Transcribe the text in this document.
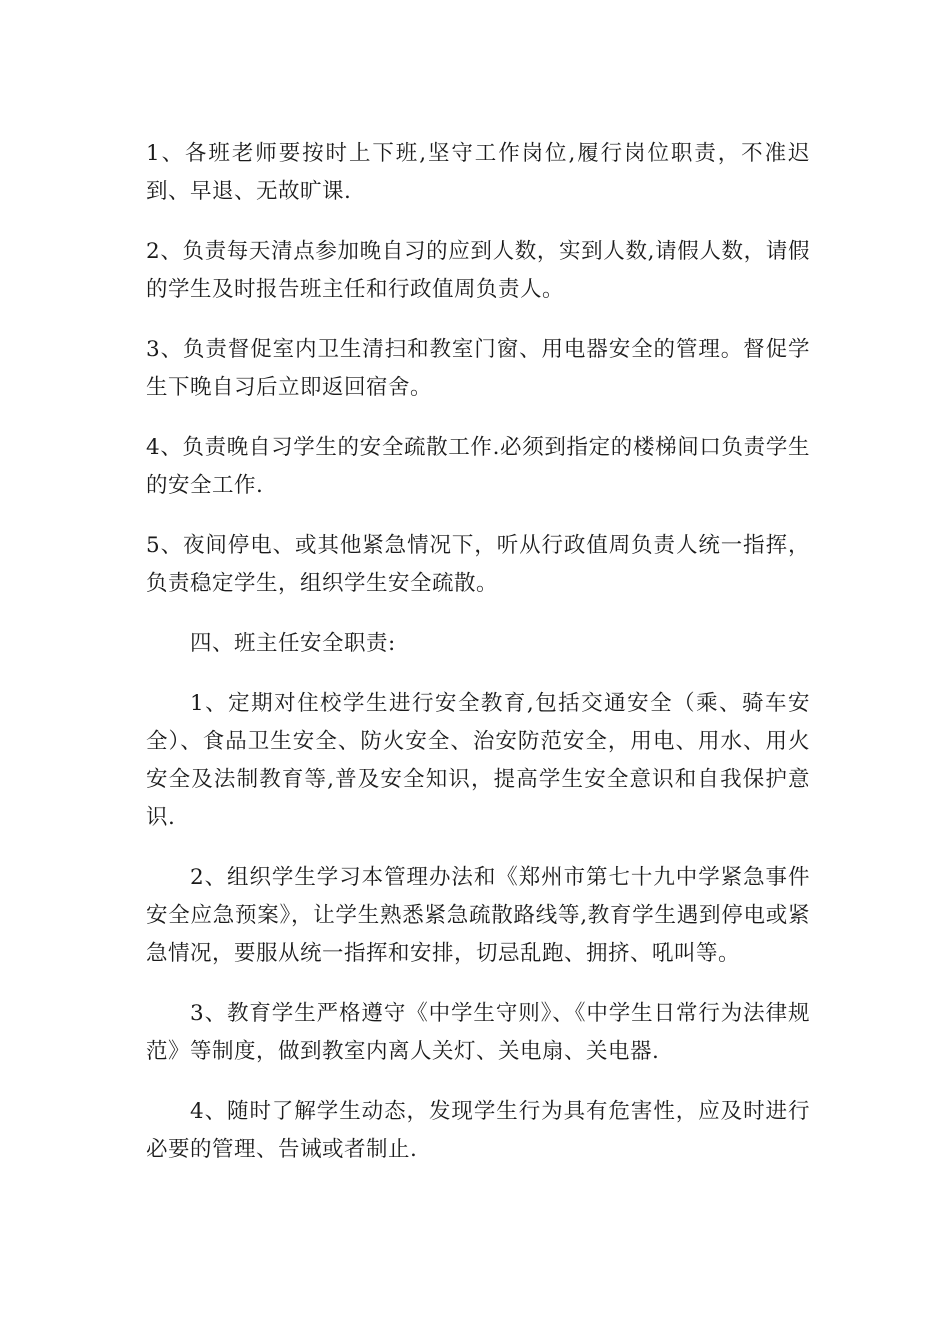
1、各班老师要按时上下班,坚守工作岗位,履行岗位职责，不准迟到、早退、无故旷课.

2、负责每天清点参加晚自习的应到人数，实到人数,请假人数，请假的学生及时报告班主任和行政值周负责人。

3、负责督促室内卫生清扫和教室门窗、用电器安全的管理。督促学生下晚自习后立即返回宿舍。

4、负责晚自习学生的安全疏散工作.必须到指定的楼梯间口负责学生的安全工作.

5、夜间停电、或其他紧急情况下，听从行政值周负责人统一指挥，负责稳定学生，组织学生安全疏散。

四、班主任安全职责:

1、定期对住校学生进行安全教育,包括交通安全（乘、骑车安全）、食品卫生安全、防火安全、治安防范安全，用电、用水、用火安全及法制教育等,普及安全知识，提高学生安全意识和自我保护意识.

2、组织学生学习本管理办法和《郑州市第七十九中学紧急事件安全应急预案》，让学生熟悉紧急疏散路线等,教育学生遇到停电或紧急情况，要服从统一指挥和安排，切忌乱跑、拥挤、吼叫等。

3、教育学生严格遵守《中学生守则》、《中学生日常行为法律规范》等制度，做到教室内离人关灯、关电扇、关电器.

4、随时了解学生动态，发现学生行为具有危害性，应及时进行必要的管理、告诫或者制止.
